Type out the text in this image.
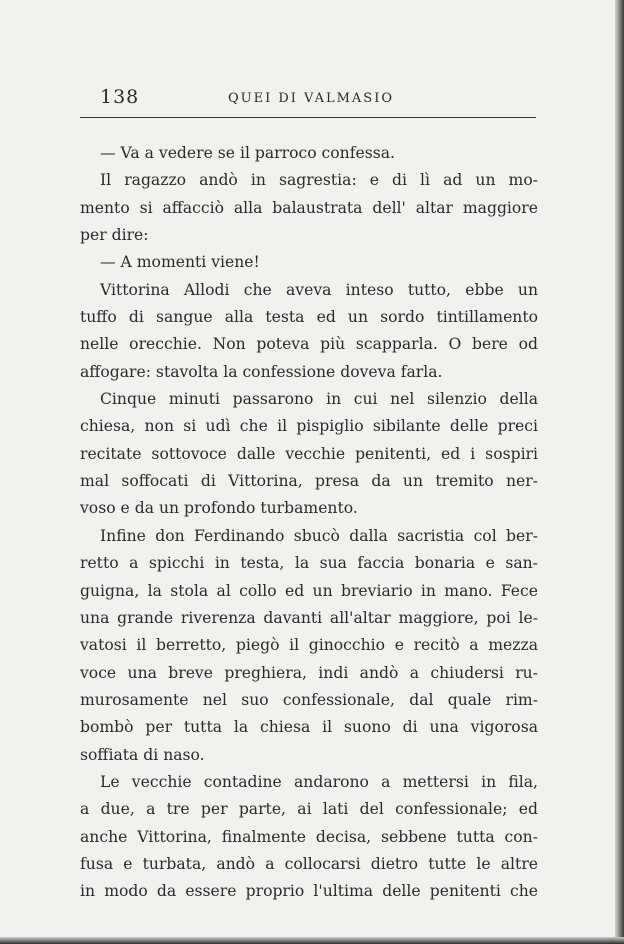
138	QUEI DI VALMASIO
— Va a vedere se il parroco confessa.
Il ragazzo andò in sagrestia: e di lì ad un mo-
mento si affacciò alla balaustrata dell' altar maggiore
per dire:
— A momenti viene!
Vittorina Allodi che aveva inteso tutto, ebbe un
tuffo di sangue alla testa ed un sordo tintillamento
nelle orecchie. Non poteva più scapparla. O bere od
affogare: stavolta la confessione doveva farla.
Cinque minuti passarono in cui nel silenzio della
chiesa, non si udì che il pispiglio sibilante delle preci
recitate sottovoce dalle vecchie penitenti, ed i sospiri
mal soffocati di Vittorina, presa da un tremito ner-
voso e da un profondo turbamento.
Infine don Ferdinando sbucò dalla sacristia col ber-
retto a spicchi in testa, la sua faccia bonaria e san-
guigna, la stola al collo ed un breviario in mano. Fece
una grande riverenza davanti all'altar maggiore, poi le-
vatosi il berretto, piegò il ginocchio e recitò a mezza
voce una breve preghiera, indi andò a chiudersi ru-
murosamente nel suo confessionale, dal quale rim-
bombò per tutta la chiesa il suono di una vigorosa
soffiata di naso.
Le vecchie contadine andarono a mettersi in fila,
a due, a tre per parte, ai lati del confessionale; ed
anche Vittorina, finalmente decisa, sebbene tutta con-
fusa e turbata, andò a collocarsi dietro tutte le altre
in modo da essere proprio l'ultima delle penitenti che
